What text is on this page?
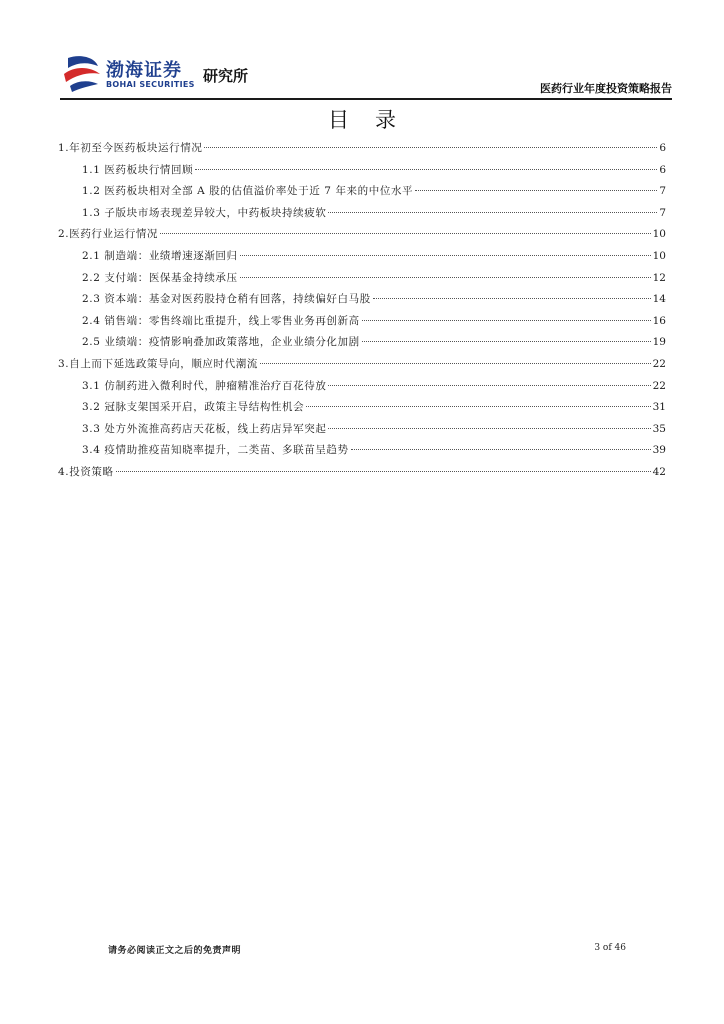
渤海证券
BOHAI SECURITIES 研究所
医药行业年度投资策略报告
目录
1.年初至今医药板块运行情况	6
1.1 医药板块行情回顾	6
1.2 医药板块相对全部 A 股的估值溢价率处于近 7 年来的中位水平	7
1.3 子版块市场表现差异较大，中药板块持续疲软	7
2.医药行业运行情况	10
2.1 制造端：业绩增速逐渐回归	10
2.2 支付端：医保基金持续承压	12
2.3 资本端：基金对医药股持仓稍有回落，持续偏好白马股	14
2.4 销售端：零售终端比重提升，线上零售业务再创新高	16
2.5 业绩端：疫情影响叠加政策落地，企业业绩分化加剧	19
3.自上而下延选政策导向，顺应时代潮流	22
3.1 仿制药进入微利时代，肿瘤精准治疗百花待放	22
3.2 冠脉支架国采开启，政策主导结构性机会	31
3.3 处方外流推高药店天花板，线上药店异军突起	35
3.4 疫情助推疫苗知晓率提升，二类苗、多联苗呈趋势	39
4.投资策略	42
请务必阅读正文之后的免责声明	3 of 46
